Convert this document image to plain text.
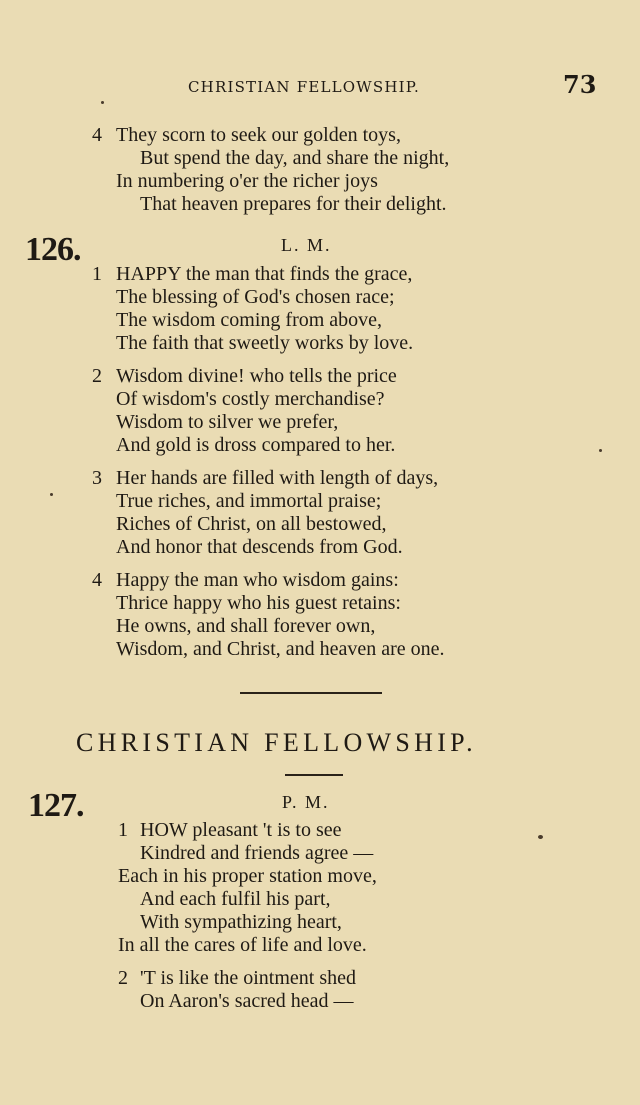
CHRISTIAN FELLOWSHIP.	73
4 They scorn to seek our golden toys,
But spend the day, and share the night,
In numbering o'er the richer joys
That heaven prepares for their delight.
126.	L. M.
1 HAPPY the man that finds the grace,
The blessing of God's chosen race;
The wisdom coming from above,
The faith that sweetly works by love.
2 Wisdom divine! who tells the price
Of wisdom's costly merchandise?
Wisdom to silver we prefer,
And gold is dross compared to her.
3 Her hands are filled with length of days,
True riches, and immortal praise;
Riches of Christ, on all bestowed,
And honor that descends from God.
4 Happy the man who wisdom gains:
Thrice happy who his guest retains:
He owns, and shall forever own,
Wisdom, and Christ, and heaven are one.
CHRISTIAN FELLOWSHIP.
127.	P. M.
1 HOW pleasant 't is to see
Kindred and friends agree —
Each in his proper station move,
And each fulfil his part,
With sympathizing heart,
In all the cares of life and love.
2 'T is like the ointment shed
On Aaron's sacred head —
